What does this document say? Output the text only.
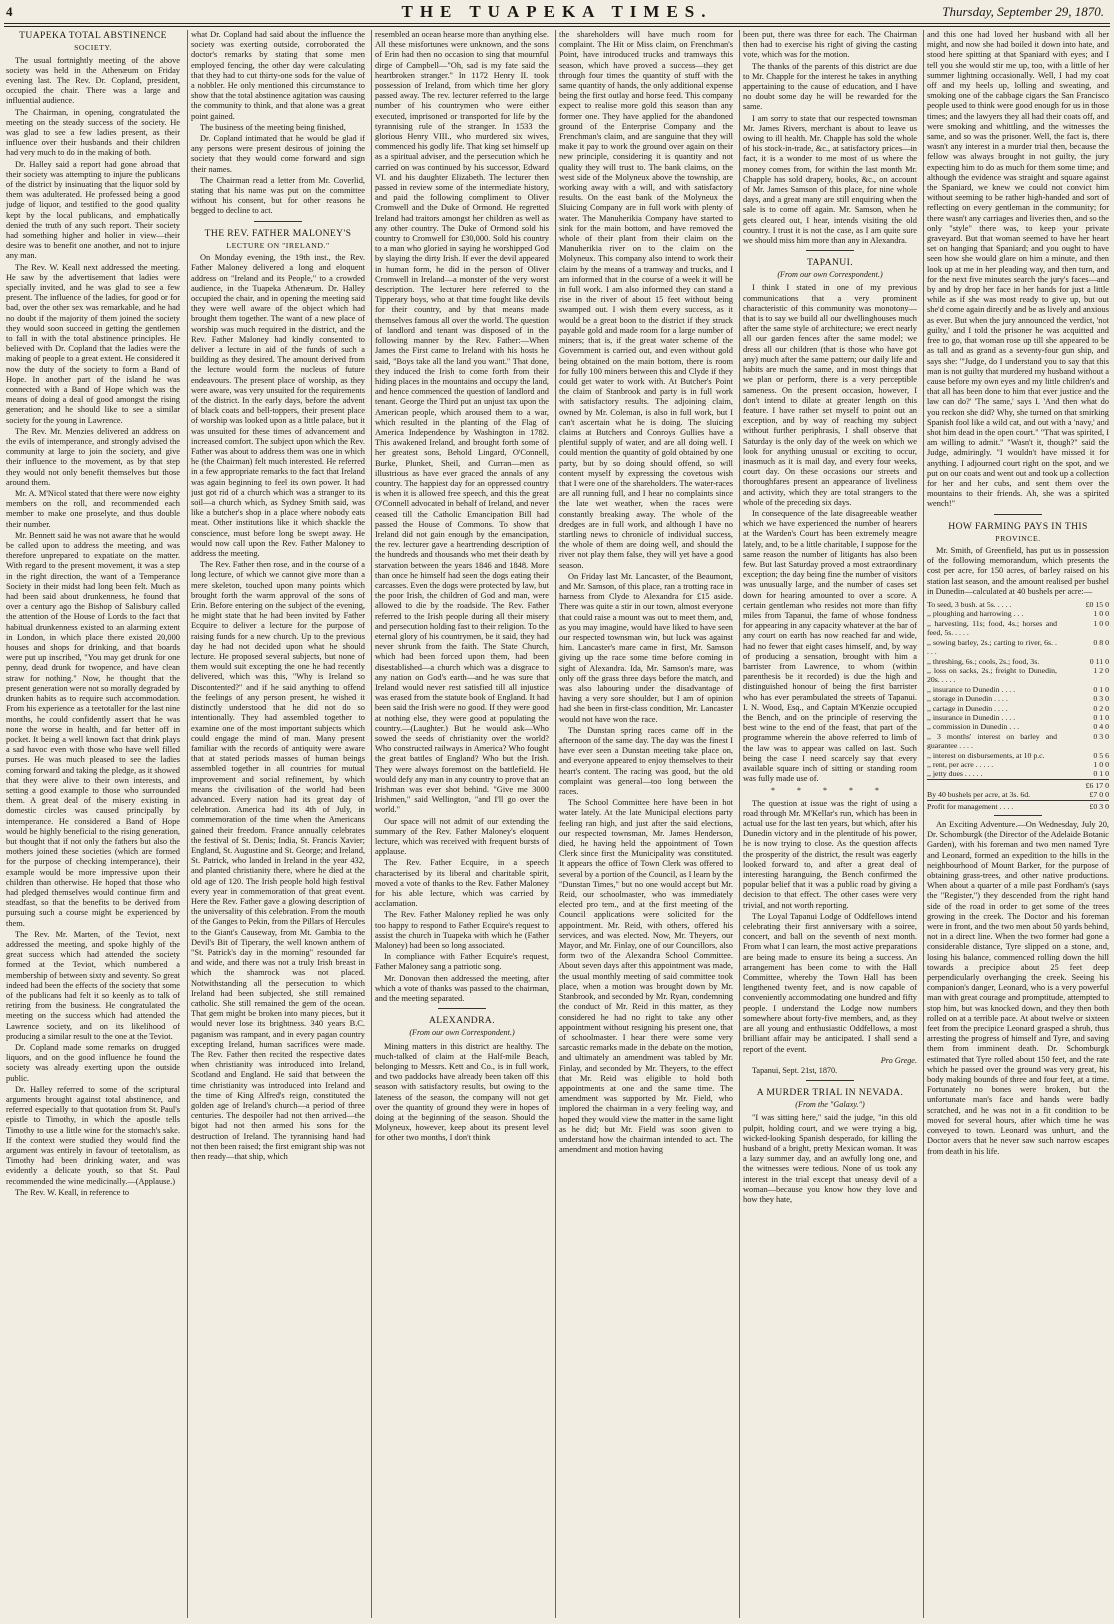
4	THE TUAPEKA TIMES.	Thursday, September 29, 1870.
TUAPEKA TOTAL ABSTINENCE
SOCIETY.

The usual fortnightly meeting of the above society was held in the Athenæum on Friday evening last. The Rev. Dr. Copland, president, occupied the chair. There was a large and influential audience.

The Chairman, in opening, congratulated the meeting on the steady success of the society. He was glad to see a few ladies present, as their influence over their husbands and their children had very much to do in the making of both.

Dr. Halley said a report had gone abroad that their society was attempting to injure the publicans of the district by insinuating that the liquor sold by them was adulterated. He professed being a good judge of liquor, and testified to the good quality kept by the local publicans, and emphatically denied the truth of any such report. Their society had something higher and holier in view—their desire was to benefit one another, and not to injure any man.

The Rev. W. Keall next addressed the meeting. He saw by the advertisement that ladies were specially invited, and he was glad to see a few present. The influence of the ladies, for good or for bad, over the other sex was remarkable, and he had no doubt if the majority of them joined the society they would soon succeed in getting the gentlemen to fall in with the total abstinence principles. He believed with Dr. Copland that the ladies were the making of people to a great extent. He considered it now the duty of the society to form a Band of Hope. In another part of the island he was connected with a Band of Hope which was the means of doing a deal of good amongst the rising generation; and he should like to see a similar society for the young in Lawrence.

The Rev. Mr. Menzies delivered an address on the evils of intemperance, and strongly advised the community at large to join the society, and give their influence to the movement, as by that step they would not only benefit themselves but those around them.

Mr. A. M'Nicol stated that there were now eighty members on the roll, and recommended each member to make one proselyte, and thus double their number.

Mr. Bennett said he was not aware that he would be called upon to address the meeting, and was therefore unprepared to expatiate on the matter. With regard to the present movement, it was a step in the right direction, the want of a Temperance Society in their midst had long been felt. Much as had been said about drunkenness, he found that over a century ago the Bishop of Salisbury called the attention of the House of Lords to the fact that habitual drunkenness existed to an alarming extent in London, in which place there existed 20,000 houses and shops for drinking, and that boards were put up inscribed, "You may get drunk for one penny, dead drunk for twopence, and have clean straw for nothing." Now, he thought that the present generation were not so morally degraded by drunken habits as to require such accommodation. From his experience as a teetotaller for the last nine months, he could confidently assert that he was none the worse in health, and far better off in pocket. It being a well known fact that drink plays a sad havoc even with those who have well filled purses. He was much pleased to see the ladies coming forward and taking the pledge, as it showed that they were alive to their own interests, and setting a good example to those who surrounded them. A great deal of the misery existing in domestic circles was caused principally by intemperance. He considered a Band of Hope would be highly beneficial to the rising generation, but thought that if not only the fathers but also the mothers joined these societies (which are formed for the purpose of checking intemperance), their example would be more impressive upon their children than otherwise. He hoped that those who had pledged themselves would continue firm and steadfast, so that the benefits to be derived from pursuing such a course might be experienced by them.

The Rev. Mr. Marten, of the Teviot, next addressed the meeting, and spoke highly of the great success which had attended the society formed at the Teviot, which numbered a membership of between sixty and seventy. So great indeed had been the effects of the society that some of the publicans had felt it so keenly as to talk of retiring from the business. He congratulated the meeting on the success which had attended the Lawrence society, and on its likelihood of producing a similar result to the one at the Teviot.

Dr. Copland made some remarks on drugged liquors, and on the good influence he found the society was already exerting upon the outside public.

Dr. Halley referred to some of the scriptural arguments brought against total abstinence, and referred especially to that quotation from St. Paul's epistle to Timothy, in which the apostle tells Timothy to use a little wine for the stomach's sake. If the context were studied they would find the argument was entirely in favour of teetotalism, as Timothy had been drinking water, and was evidently a delicate youth, so that St. Paul recommended the wine medicinally.—(Applause.)

The Rev. W. Keall, in reference to

what Dr. Copland had said about the influence the society was exerting outside, corroborated the doctor's remarks by stating that some men employed fencing, the other day were calculating that they had to cut thirty-one sods for the value of a nobbler. He only mentioned this circumstance to show that the total abstinence agitation was causing the community to think, and that alone was a great point gained.

The business of the meeting being finished,

Dr. Copland intimated that he would be glad if any persons were present desirous of joining the society that they would come forward and sign their names.

The Chairman read a letter from Mr. Coverlid, stating that his name was put on the committee without his consent, but for other reasons he begged to decline to act.

THE REV. FATHER MALONEY'S
LECTURE ON "IRELAND."

On Monday evening, the 19th inst., the Rev. Father Maloney delivered a long and eloquent address on "Ireland and its People," to a crowded audience, in the Tuapeka Athenæum. Dr. Halley occupied the chair, and in opening the meeting said they were well aware of the object which had brought them together. The want of a new place of worship was much required in the district, and the Rev. Father Maloney had kindly consented to deliver a lecture in aid of the funds of such a building as they desired. The amount derived from the lecture would form the nucleus of future endeavours. The present place of worship, as they were aware, was very unsuited for the requirements of the district. In the early days, before the advent of black coats and bell-toppers, their present place of worship was looked upon as a little palace, but it was unsuited for these times of advancement and increased comfort. The subject upon which the Rev. Father was about to address them was one in which he (the Chairman) felt much interested. He referred in a few appropriate remarks to the fact that Ireland was again beginning to feel its own power. It had just got rid of a church which was a stranger to its soil—a church which, as Sydney Smith said, was like a butcher's shop in a place where nobody eats meat. Other institutions like it which shackle the conscience, must before long be swept away. He would now call upon the Rev. Father Maloney to address the meeting.

The Rev. Father then rose, and in the course of a long lecture, of which we cannot give more than a mere skeleton, touched upon many points which brought forth the warm approval of the sons of Erin. Before entering on the subject of the evening, he might state that he had been invited by Father Ecquire to deliver a lecture for the purpose of raising funds for a new church. Up to the previous day he had not decided upon what he should lecture. He proposed several subjects, but none of them would suit excepting the one he had recently delivered, which was this, "Why is Ireland so Discontented?" and if he said anything to offend the feelings of any person present, he wished it distinctly understood that he did not do so intentionally. They had assembled together to examine one of the most important subjects which could engage the mind of man. Many present familiar with the records of antiquity were aware that at stated periods masses of human beings assembled together in all countries for mutual improvement and social refinement, by which means the civilisation of the world had been advanced. Every nation had its great day of celebration. America had its 4th of July, in commemoration of the time when the Americans gained their freedom. France annually celebrates the festival of St. Denis; India, St. Francis Xavier; England, St. Augustine and St. George; and Ireland, St. Patrick, who landed in Ireland in the year 432, and planted christianity there, where he died at the old age of 120. The Irish people hold high festival every year in commemoration of that great event. Here the Rev. Father gave a glowing description of the universality of this celebration. From the mouth of the Ganges to Pekin, from the Pillars of Hercules to the Giant's Causeway, from Mt. Gambia to the Devil's Bit of Tiperary, the well known anthem of "St. Patrick's day in the morning" resounded far and wide, and there was not a truly Irish breast in which the shamrock was not placed. Notwithstanding all the persecution to which Ireland had been subjected, she still remained catholic. She still remained the gem of the ocean. That gem might be broken into many pieces, but it would never lose its brightness. 340 years B.C. paganism was rampant, and in every pagan country excepting Ireland, human sacrifices were made. The Rev. Father then recited the respective dates when christianity was introduced into Ireland, Scotland and England. He said that between the time christianity was introduced into Ireland and the time of King Alfred's reign, constituted the golden age of Ireland's church—a period of three centuries. The despoiler had not then arrived—the bigot had not then armed his sons for the destruction of Ireland. The tyrannising hand had not then been raised; the first emigrant ship was not then ready—that ship, which

resembled an ocean hearse more than anything else. All these misfortunes were unknown, and the sons of Erin had then no occasion to sing that mournful dirge of Campbell—"Oh, sad is my fate said the heartbroken stranger." In 1172 Henry II. took possession of Ireland, from which time her glory passed away. The rev. lecturer referred to the large number of his countrymen who were either executed, imprisoned or transported for life by the tyrannising rule of the stranger. In 1533 the glorious Henry VIII., who murdered six wives, commenced his godly life. That king set himself up as a spiritual adviser, and the persecution which he carried on was continued by his successor, Edward VI. and his daughter Elizabeth. The lecturer then passed in review some of the intermediate history, and paid the following compliment to Oliver Cromwell and the Duke of Ormond. He regretted Ireland had traitors amongst her children as well as any other country. The Duke of Ormond sold his country to Cromwell for £30,000. Sold his country to a man who gloried in saying he worshipped God by slaying the dirty Irish. If ever the devil appeared in human form, he did in the person of Oliver Cromwell in Ireland—a monster of the very worst description. The lecturer here referred to the Tipperary boys, who at that time fought like devils for their country, and by that means made themselves famous all over the world. The question of landlord and tenant was disposed of in the following manner by the Rev. Father:—When James the First came to Ireland with his hosts he said, "Boys take all the land you want." That done, they induced the Irish to come forth from their hiding places in the mountains and occupy the land, and hence commenced the question of landlord and tenant. George the Third put an unjust tax upon the American people, which aroused them to a war, which resulted in the planting of the Flag of America Independence by Washington in 1782. This awakened Ireland, and brought forth some of her greatest sons, Behold Lingard, O'Connell, Burke, Plunket, Sheil, and Curran—men as illustrious as have ever graced the annals of any country. The happiest day for an oppressed country is when it is allowed free speech, and this the great O'Connell advocated in behalf of Ireland, and never ceased till the Catholic Emancipation Bill had passed the House of Commons. To show that Ireland did not gain enough by the emancipation, the rev. lecturer gave a heartrending description of the hundreds and thousands who met their death by starvation between the years 1846 and 1848. More than once he himself had seen the dogs eating their carcasses. Even the dogs were protected by law, but the poor Irish, the children of God and man, were allowed to die by the roadside. The Rev. Father referred to the Irish people during all their misery and persecution holding fast to their religion. To the eternal glory of his countrymen, be it said, they had never shrunk from the faith. The State Church, which had been forced upon them, had been disestablished—a church which was a disgrace to any nation on God's earth—and he was sure that Ireland would never rest satisfied till all injustice was erased from the statute book of England. It had been said the Irish were no good. If they were good at nothing else, they were good at populating the country.—(Laughter.) But he would ask—Who sowed the seeds of christianity over the world? Who constructed railways in America? Who fought the great battles of England? Who but the Irish. They were always foremost on the battlefield. He would defy any man in any country to prove that an Irishman was ever shot behind. "Give me 3000 Irishmen," said Wellington, "and I'll go over the world."

Our space will not admit of our extending the summary of the Rev. Father Maloney's eloquent lecture, which was received with frequent bursts of applause.

The Rev. Father Ecquire, in a speech characterised by its liberal and charitable spirit, moved a vote of thanks to the Rev. Father Maloney for his able lecture, which was carried by acclamation.

The Rev. Father Maloney replied he was only too happy to respond to Father Ecquire's request to assist the church in Tuapeka with which he (Father Maloney) had been so long associated.

In compliance with Father Ecquire's request, Father Maloney sang a patriotic song.

Mr. Donovan then addressed the meeting, after which a vote of thanks was passed to the chairman, and the meeting separated.

ALEXANDRA.
(From our own Correspondent.)

Mining matters in this district are healthy. The much-talked of claim at the Half-mile Beach, belonging to Messrs. Kett and Co., is in full work, and two paddocks have already been taken off this season with satisfactory results, but owing to the lateness of the season, the company will not get over the quantity of ground they were in hopes of doing at the beginning of the season. Should the Molyneux, however, keep about its present level for other two months, I don't think

the shareholders will have much room for complaint. The Hit or Miss claim, on Frenchman's Point, have introduced trucks and tramways this season, which have proved a success—they get through four times the quantity of stuff with the same quantity of hands, the only additional expense being the first outlay and horse feed. This company expect to realise more gold this season than any former one. They have applied for the abandoned ground of the Enterprise Company and the Frenchman's claim, and are sanguine that they will make it pay to work the ground over again on their new principle, considering it is quantity and not quality they will trust to. The bank claims, on the west side of the Molyneux above the township, are working away with a will, and with satisfactory results. On the east bank of the Molyneux the Sluicing Company are in full work with plenty of water. The Manuherikia Company have started to sink for the main bottom, and have removed the whole of their plant from their claim on the Manuherikia river on to the claim on the Molyneux. This company also intend to work their claim by the means of a tramway and trucks, and I am informed that in the course of a week it will be in full work. I am also informed they can stand a rise in the river of about 15 feet without being swamped out. I wish them every success, as it would be a great boon to the district if they struck payable gold and made room for a large number of miners; that is, if the great water scheme of the Government is carried out, and even without gold being obtained on the main bottom, there is room for fully 100 miners between this and Clyde if they could get water to work with. At Butcher's Point the claim of Stanbrook and party is in full work with satisfactory results. The adjoining claim, owned by Mr. Coleman, is also in full work, but I can't ascertain what he is doing. The sluicing claims at Butchers and Conroys Gullies have a plentiful supply of water, and are all doing well. I could mention the quantity of gold obtained by one party, but by so doing should offend, so will content myself by expressing the covetous wish that I were one of the shareholders. The water-races are all running full, and I hear no complaints since the late wet weather, when the races were constantly breaking away. The whole of the dredges are in full work, and although I have no startling news to chronicle of individual success, the whole of them are doing well, and should the river not play them false, they will yet have a good season.

On Friday last Mr. Lancaster, of the Beaumont, and Mr. Samson, of this place, ran a trotting race in harness from Clyde to Alexandra for £15 aside. There was quite a stir in our town, almost everyone that could raise a mount was out to meet them, and, as you may imagine, would have liked to have seen our respected townsman win, but luck was against him. Lancaster's mare came in first, Mr. Samson giving up the race some time before coming in sight of Alexandra. Ida, Mr. Samson's mare, was only off the grass three days before the match, and was also labouring under the disadvantage of having a very sore shoulder, but I am of opinion had she been in first-class condition, Mr. Lancaster would not have won the race.

The Dunstan spring races came off in the afternoon of the same day. The day was the finest I have ever seen a Dunstan meeting take place on, and everyone appeared to enjoy themselves to their heart's content. The racing was good, but the old complaint was general—too long between the races.

The School Committee here have been in hot water lately. At the late Municipal elections party feeling ran high, and just after the said elections, our respected townsman, Mr. James Henderson, died, he having held the appointment of Town Clerk since first the Municipality was constituted. It appears the office of Town Clerk was offered to several by a portion of the Council, as I learn by the "Dunstan Times," but no one would accept but Mr. Reid, our schoolmaster, who was immediately elected pro tem., and at the first meeting of the Council applications were solicited for the appointment. Mr. Reid, with others, offered his services, and was elected. Now, Mr. Theyers, our Mayor, and Mr. Finlay, one of our Councillors, also form two of the Alexandra School Committee. About seven days after this appointment was made, the usual monthly meeting of said committee took place, when a motion was brought down by Mr. Stanbrook, and seconded by Mr. Ryan, condemning the conduct of Mr. Reid in this matter, as they considered he had no right to take any other appointment without resigning his present one, that of schoolmaster. I hear there were some very sarcastic remarks made in the debate on the motion, and ultimately an amendment was tabled by Mr. Finlay, and seconded by Mr. Theyers, to the effect that Mr. Reid was eligible to hold both appointments at one and the same time. The amendment was supported by Mr. Field, who implored the chairman in a very feeling way, and hoped they would view the matter in the same light as he did; but Mr. Field was soon given to understand how the chairman intended to act. The amendment and motion having

been put, there was three for each. The Chairman then had to exercise his right of giving the casting vote, which was for the motion.

The thanks of the parents of this district are due to Mr. Chapple for the interest he takes in anything appertaining to the cause of education, and I have no doubt some day he will be rewarded for the same.

I am sorry to state that our respected townsman Mr. James Rivers, merchant is about to leave us owing to ill health. Mr. Chapple has sold the whole of his stock-in-trade, &c., at satisfactory prices—in fact, it is a wonder to me most of us where the money comes from, for within the last month Mr. Chapple has sold drapery, books, &c., on account of Mr. James Samson of this place, for nine whole days, and a great many are still enquiring when the sale is to come off again. Mr. Samson, when he gets cleared out, I hear, intends visiting the old country. I trust it is not the case, as I am quite sure we should miss him more than any in Alexandra.

TAPANUI.
(From our own Correspondent.)

I think I stated in one of my previous communications that a very prominent characteristic of this community was monotony—that is to say we build all our dwellinghouses much after the same style of architecture; we erect nearly all our garden fences after the same model; we dress all our children (that is those who have got any) much after the same pattern; our daily life and habits are much the same, and in most things that we plan or perform, there is a very perceptible sameness. On the present occasion, however, I don't intend to dilate at greater length on this feature. I have rather set myself to point out an exception, and by way of reaching my subject without further periphrasis, I shall observe that Saturday is the only day of the week on which we look for anything unusual or exciting to occur, inasmuch as it is mail day, and every four weeks, court day. On these occasions our streets and thoroughfares present an appearance of liveliness and activity, which they are total strangers to the whole of the preceding six days.

In consequence of the late disagreeable weather which we have experienced the number of hearers at the Warden's Court has been extremely meagre lately, and, to be a little charitable, I suppose for the same reason the number of litigants has also been few. But last Saturday proved a most extraordinary exception; the day being fine the number of visitors was unusually large, and the number of cases set down for hearing amounted to over a score. A certain gentleman who resides not more than fifty miles from Tapanui, the fame of whose fondness for appearing in any capacity whatever at the bar of any court on earth has now reached far and wide, had no fewer that eight cases himself, and, by way of producing a sensation, brought with him a barrister from Lawrence, to whom (within parenthesis be it recorded) is due the high and distinguished honour of being the first barrister who has ever perambulated the streets of Tapanui. I. N. Wood, Esq., and Captain M'Kenzie occupied the Bench, and on the principle of reserving the best wine to the end of the feast, that part of the programme wherein the above referred to limb of the law was to appear was called on last. Such being the case I need scarcely say that every available square inch of sitting or standing room was fully made use of.

* * * * *

The question at issue was the right of using a road through Mr. M'Kellar's run, which has been in actual use for the last ten years, but which, after his Dunedin victory and in the plentitude of his power, he is now trying to close. As the question affects the prosperity of the district, the result was eagerly looked forward to, and after a great deal of interesting haranguing, the Bench confirmed the popular belief that it was a public road by giving a decision to that effect. The other cases were very trivial, and not worth reporting.

The Loyal Tapanui Lodge of Oddfellows intend celebrating their first anniversary with a soiree, concert, and ball on the seventh of next month. From what I can learn, the most active preparations are being made to ensure its being a success. An arrangement has been come to with the Hall Committee, whereby the Town Hall has been lengthened twenty feet, and is now capable of conveniently accommodating one hundred and fifty people. I understand the Lodge now numbers somewhere about forty-five members, and, as they are all young and enthusiastic Oddfellows, a most brilliant affair may be anticipated. I shall send a report of the event.

Pro Grege.

Tapanui, Sept. 21st, 1870.

A MURDER TRIAL IN NEVADA.
(From the "Galaxy.")

"I was sitting here," said the judge, "in this old pulpit, holding court, and we were trying a big, wicked-looking Spanish desperado, for killing the husband of a bright, pretty Mexican woman. It was a lazy summer day, and an awfully long one, and the witnesses were tedious. None of us took any interest in the trial except that uneasy devil of a woman—because you know how they love and how they hate,

and this one had loved her husband with all her might, and now she had boiled it down into hate, and stood here spitting at that Spaniard with eyes; and I tell you she would stir me up, too, with a little of her summer lightning occasionally. Well, I had my coat off and my heels up, lolling and sweating, and smoking one of the cabbage cigars the San Francisco people used to think were good enough for us in those times; and the lawyers they all had their coats off, and were smoking and whittling, and the witnesses the same, and so was the prisoner. Well, the fact is, there wasn't any interest in a murder trial then, because the fellow was always brought in not guilty, the jury expecting him to do as much for them some time; and although the evidence was straight and square against the Spaniard, we knew we could not convict him without seeming to be rather high-handed and sort of reflecting on every gentleman in the community; for there wasn't any carriages and liveries then, and so the only "style" there was, to keep your private graveyard. But that woman seemed to have her heart set on hanging that Spaniard; and you ought to have seen how she would glare on him a minute, and then look up at me in her pleading way, and then turn, and for the next five minutes search the jury's faces—and by and by drop her face in her hands for just a little while as if she was most ready to give up, but out she'd come again directly and be as lively and anxious as ever. But when the jury announced the verdict, 'not guilty,' and I told the prisoner he was acquitted and free to go, that woman rose up till she appeared to be as tall and as grand as a seventy-four gun ship, and says she: '"Judge, do I understand you to say that this man is not guilty that murdered my husband without a cause before my own eyes and my little children's and that all has been done to him that ever justice and the law can do?' 'The same,' says I. 'And then what do you reckon she did? Why, she turned on that smirking Spanish fool like a wild cat, and out with a 'navy,' and shot him dead in the open court." "That was spirited, I am willing to admit." "Wasn't it, though?" said the Judge, admiringly. "I wouldn't have missed it for anything. I adjourned court right on the spot, and we put on our coats and went out and took up a collection for her and her cubs, and sent them over the mountains to their friends. Ah, she was a spirited wench!"

HOW FARMING PAYS IN THIS
PROVINCE.

Mr. Smith, of Greenfield, has put us in possession of the following memorandum, which presents the cost per acre, for 150 acres, of barley raised on his station last season, and the amount realised per bushel in Dunedin—calculated at 40 bushels per acre:—

To seed, 3 bush. at 5s. . . . .	£0 15 0
,, ploughing and harrowing . . .	1 0 0
,, harvesting, 11s; food, 4s.; horses and feed, 5s. . . . .	1 0 0
,, sowing barley, 2s.; carting to river, 6s. . . . .	0 8 0
,, threshing, 6s.; cools, 2s.; food, 3s.	0 11 0
,, loss on sacks, 2s.; freight to Dunedin, 20s. . . . .	1 2 0
,, insurance to Dunedin . . . .	0 1 0
,, storage in Dunedin . . . .	0 3 0
,, cartage in Dunedin . . . .	0 2 0
,, insurance in Dunedin . . . .	0 1 0
,, commission in Dunedin . . .	0 4 0
,, 3 months' interest on barley and guarantee . . . .	0 3 0
,, interest on disbursements, at 10 p.c.	0 5 6
,, rent, per acre . . . . .	1 0 0
,, jetty dues . . . . .	0 1 0
	£6 17 0
By 40 bushels per acre, at 3s. 6d.	£7 0 0
Profit for management . . . .	£0 3 0

An Exciting Adventure.—On Wednesday, July 20, Dr. Schomburgk (the Director of the Adelaide Botanic Garden), with his foreman and two men named Tyre and Leonard, formed an expedition to the hills in the neighbourhood of Mount Barker, for the purpose of obtaining grass-trees, and other native productions. When about a quarter of a mile past Fordham's (says the "Register,") they descended from the right hand side of the road in order to get some of the trees growing in the creek. The Doctor and his foreman were in front, and the two men about 50 yards behind, not in a direct line. When the two former had gone a considerable distance, Tyre slipped on a stone, and, losing his balance, commenced rolling down the hill towards a precipice about 25 feet deep perpendicularly overhanging the creek. Seeing his companion's danger, Leonard, who is a very powerful man with great courage and promptitude, attempted to stop him, but was knocked down, and they then both rolled on at a terrible pace. At about twelve or sixteen feet from the precipice Leonard grasped a shrub, thus arresting the progress of himself and Tyre, and saving them from imminent death. Dr. Schomburgk estimated that Tyre rolled about 150 feet, and the rate which he passed over the ground was very great, his body making bounds of three and four feet, at a time. Fortunately no bones were broken, but the unfortunate man's face and hands were badly scratched, and he was not in a fit condition to be moved for several hours, after which time he was conveyed to town. Leonard was unhurt, and the Doctor avers that he never saw such narrow escapes from death in his life.
